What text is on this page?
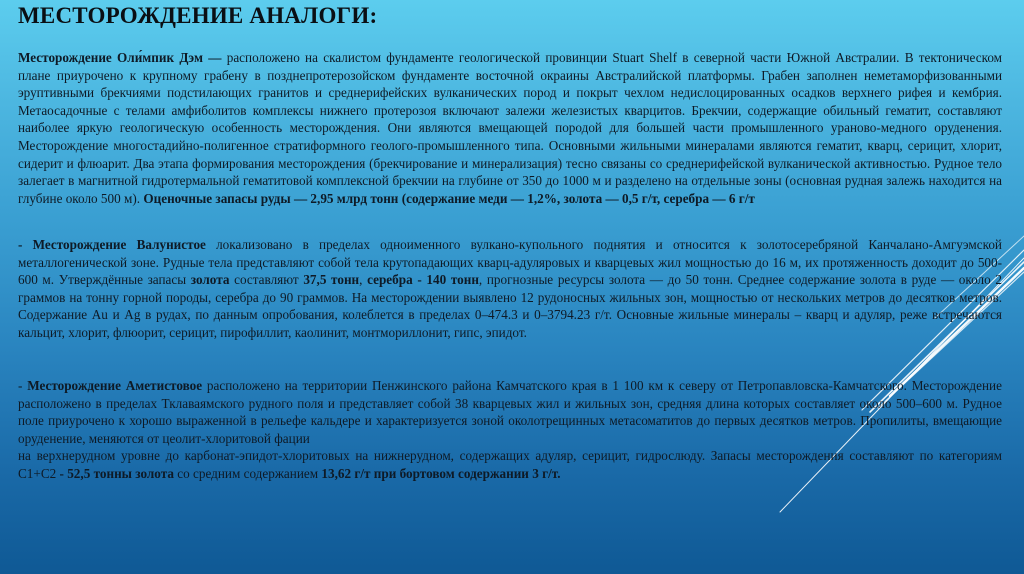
МЕСТОРОЖДЕНИЕ АНАЛОГИ:
Месторождение Оли́мпик Дэм — расположено на скалистом фундаменте геологической провинции Stuart Shelf в северной части Южной Австралии. В тектоническом плане приурочено к крупному грабену в позднепротерозойском фундаменте восточной окраины Австралийской платформы. Грабен заполнен неметаморфизованными эруптивными брекчиями подстилающих гранитов и среднерифейских вулканических пород и покрыт чехлом недислоцированных осадков верхнего рифея и кембрия. Метаосадочные с телами амфиболитов комплексы нижнего протерозоя включают залежи железистых кварцитов. Брекчии, содержащие обильный гематит, составляют наиболее яркую геологическую особенность месторождения. Они являются вмещающей породой для большей части промышленного ураново-медного оруденения. Месторождение многостадийно-полигенное стратиформного геолого-промышленного типа. Основными жильными минералами являются гематит, кварц, серицит, хлорит, сидерит и флюарит. Два этапа формирования месторождения (брекчирование и минерализация) тесно связаны со среднерифейской вулканической активностью. Рудное тело залегает в магнитной гидротермальной гематитовой комплексной брекчии на глубине от 350 до 1000 м и разделено на отдельные зоны (основная рудная залежь находится на глубине около 500 м). Оценочные запасы руды — 2,95 млрд тонн (содержание меди — 1,2%, золота — 0,5 г/т, серебра — 6 г/т
- Месторождение Валунистое локализовано в пределах одноименного вулкано-купольного поднятия и относится к золотосеребряной Канчалано-Амгуэмской металлогенической зоне. Рудные тела представляют собой тела крутопадающих кварц-адуляровых и кварцевых жил мощностью до 16 м, их протяженность доходит до 500-600 м. Утверждённые запасы золота составляют 37,5 тонн, серебра - 140 тонн, прогнозные ресурсы золота — до 50 тонн. Среднее содержание золота в руде — около 2 граммов на тонну горной породы, серебра до 90 граммов. На месторождении выявлено 12 рудоносных жильных зон, мощностью от нескольких метров до десятков метров. Содержание Au и Ag в рудах, по данным опробования, колеблется в пределах 0–474.3 и 0–3794.23 г/т. Основные жильные минералы – кварц и адуляр, реже встречаются кальцит, хлорит, флюорит, серицит, пирофиллит, каолинит, монтмориллонит, гипс, эпидот.
- Месторождение Аметистовое расположено на территории Пенжинского района Камчатского края в 1 100 км к северу от Петропавловска-Камчатского. Месторождение расположено в пределах Тклаваямского рудного поля и представляет собой 38 кварцевых жил и жильных зон, средняя длина которых составляет около 500–600 м. Рудное поле приурочено к хорошо выраженной в рельефе кальдере и характеризуется зоной околотрещинных метасоматитов до первых десятков метров. Пропилиты, вмещающие оруденение, меняются от цеолит-хлоритовой фации
на верхнерудном уровне до карбонат-эпидот-хлоритовых на нижнерудном, содержащих адуляр, серицит, гидрослюду. Запасы месторождения составляют по категориям С1+С2 - 52,5 тонны золота со средним содержанием 13,62 г/т при бортовом содержании 3 г/т.
